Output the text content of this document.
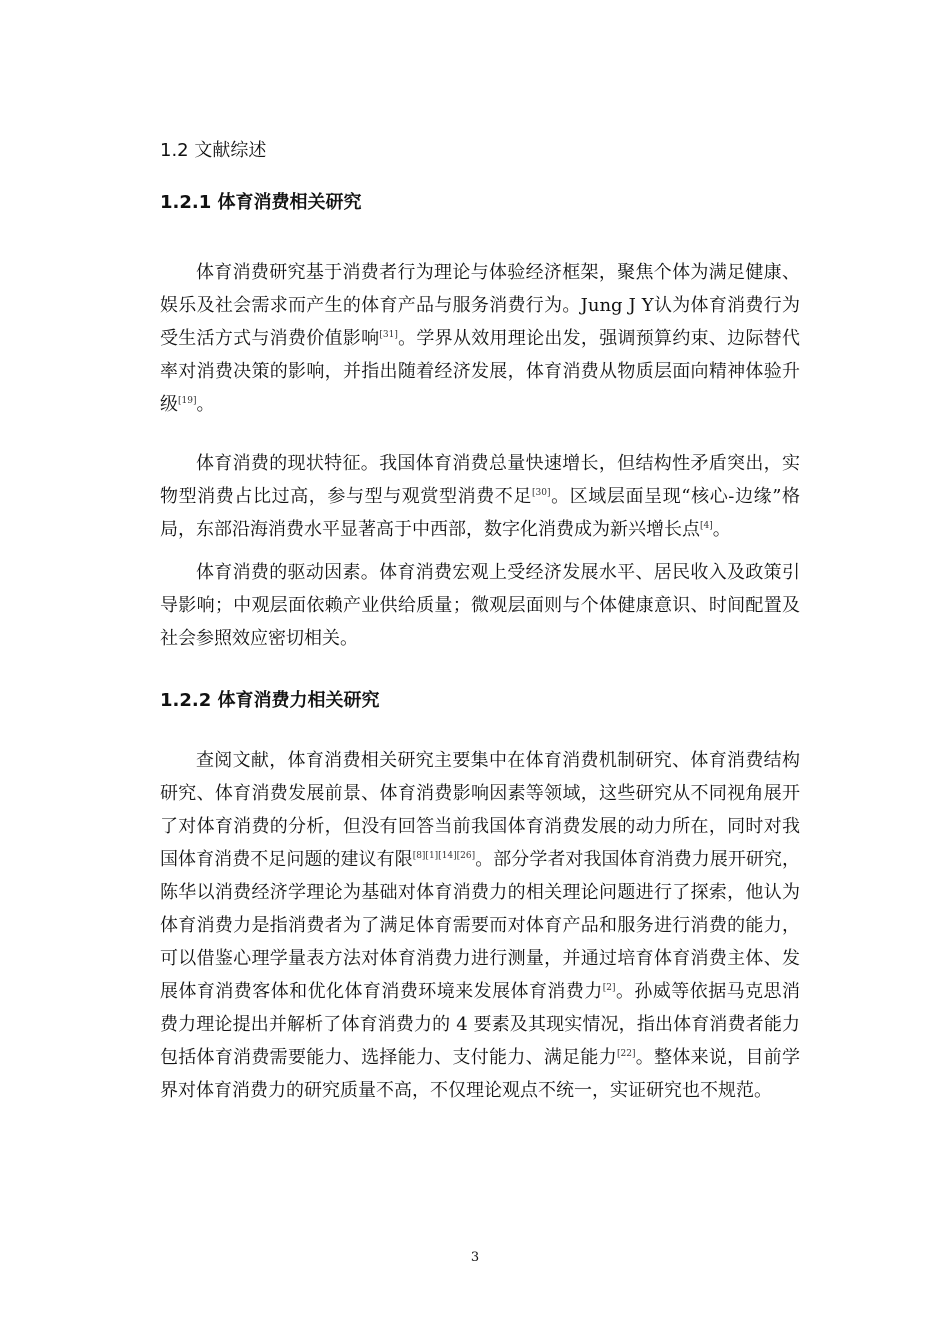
1.2 文献综述
1.2.1 体育消费相关研究

体育消费研究基于消费者行为理论与体验经济框架，聚焦个体为满足健康、娱乐及社会需求而产生的体育产品与服务消费行为。Jung J Y认为体育消费行为受生活方式与消费价值影响[31]。学界从效用理论出发，强调预算约束、边际替代率对消费决策的影响，并指出随着经济发展，体育消费从物质层面向精神体验升级[19]。

体育消费的现状特征。我国体育消费总量快速增长，但结构性矛盾突出，实物型消费占比过高，参与型与观赏型消费不足[30]。区域层面呈现“核心-边缘”格局，东部沿海消费水平显著高于中西部，数字化消费成为新兴增长点[4]。

体育消费的驱动因素。体育消费宏观上受经济发展水平、居民收入及政策引导影响；中观层面依赖产业供给质量；微观层面则与个体健康意识、时间配置及社会参照效应密切相关。

1.2.2 体育消费力相关研究

查阅文献，体育消费相关研究主要集中在体育消费机制研究、体育消费结构研究、体育消费发展前景、体育消费影响因素等领域，这些研究从不同视角展开了对体育消费的分析，但没有回答当前我国体育消费发展的动力所在，同时对我国体育消费不足问题的建议有限[8][1][14][26]。部分学者对我国体育消费力展开研究，陈华以消费经济学理论为基础对体育消费力的相关理论问题进行了探索，他认为体育消费力是指消费者为了满足体育需要而对体育产品和服务进行消费的能力，可以借鉴心理学量表方法对体育消费力进行测量，并通过培育体育消费主体、发展体育消费客体和优化体育消费环境来发展体育消费力[2]。孙威等依据马克思消费力理论提出并解析了体育消费力的 4 要素及其现实情况，指出体育消费者能力包括体育消费需要能力、选择能力、支付能力、满足能力[22]。整体来说，目前学界对体育消费力的研究质量不高，不仅理论观点不统一，实证研究也不规范。

3
